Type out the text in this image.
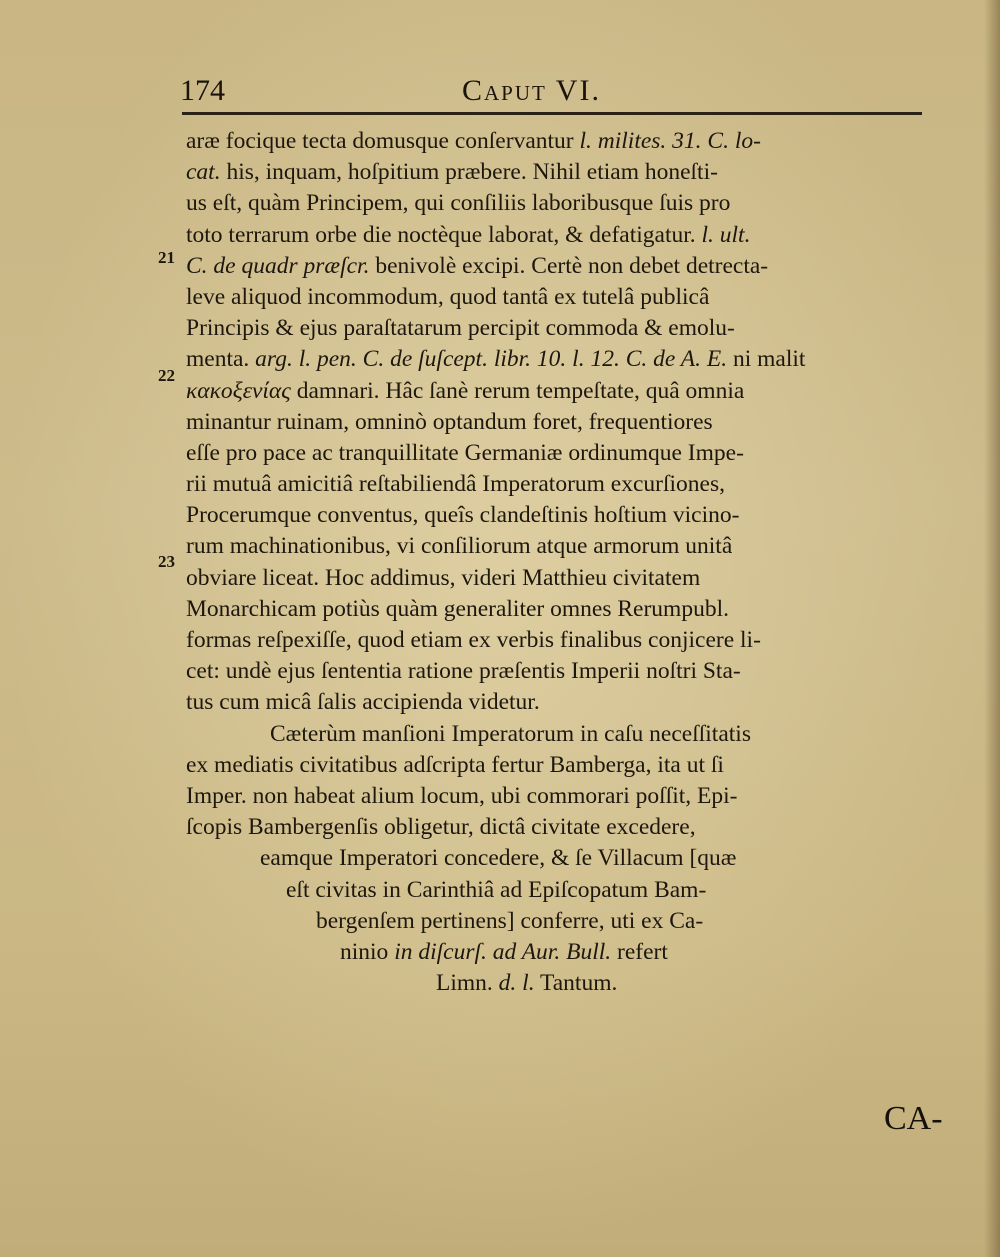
174	Caput VI.
21
22
23
aræ focique tecta domusque conſervantur l. milites. 31. C. lo-
cat. his, inquam, hoſpitium præbere. Nihil etiam honeſti-
us eſt, quàm Principem, qui conſiliis laboribusque ſuis pro
toto terrarum orbe die noctèque laborat, & defatigatur. l. ult.
C. de quadr præſcr. benivolè excipi. Certè non debet detrecta-
leve aliquod incommodum, quod tantâ ex tutelâ publicâ
Principis & ejus paraſtatarum percipit commoda & emolu-
menta. arg. l. pen. C. de ſuſcept. libr. 10. l. 12. C. de A. E. ni malit
κακοξενίας damnari. Hâc ſanè rerum tempeſtate, quâ omnia
minantur ruinam, omninò optandum foret, frequentiores
eſſe pro pace ac tranquillitate Germaniæ ordinumque Impe-
rii mutuâ amicitiâ reſtabiliendâ Imperatorum excurſiones,
Procerumque conventus, queîs clandeſtinis hoſtium vicino-
rum machinationibus, vi conſiliorum atque armorum unitâ
obviare liceat. Hoc addimus, videri Matthieu civitatem
Monarchicam potiùs quàm generaliter omnes Rerumpubl.
formas reſpexiſſe, quod etiam ex verbis finalibus conjicere li-
cet: undè ejus ſententia ratione præſentis Imperii noſtri Sta-
tus cum micâ ſalis accipienda videtur.
Cæterùm manſioni Imperatorum in caſu neceſſitatis
ex mediatis civitatibus adſcripta fertur Bamberga, ita ut ſi
Imper. non habeat alium locum, ubi commorari poſſit, Epi-
ſcopis Bambergenſis obligetur, dictâ civitate excedere,
eamque Imperatori concedere, & ſe Villacum [quæ
eſt civitas in Carinthiâ ad Epiſcopatum Bam-
bergenſem pertinens] conferre, uti ex Ca-
ninio in diſcurſ. ad Aur. Bull. refert
Limn. d. l. Tantum.
CA-
